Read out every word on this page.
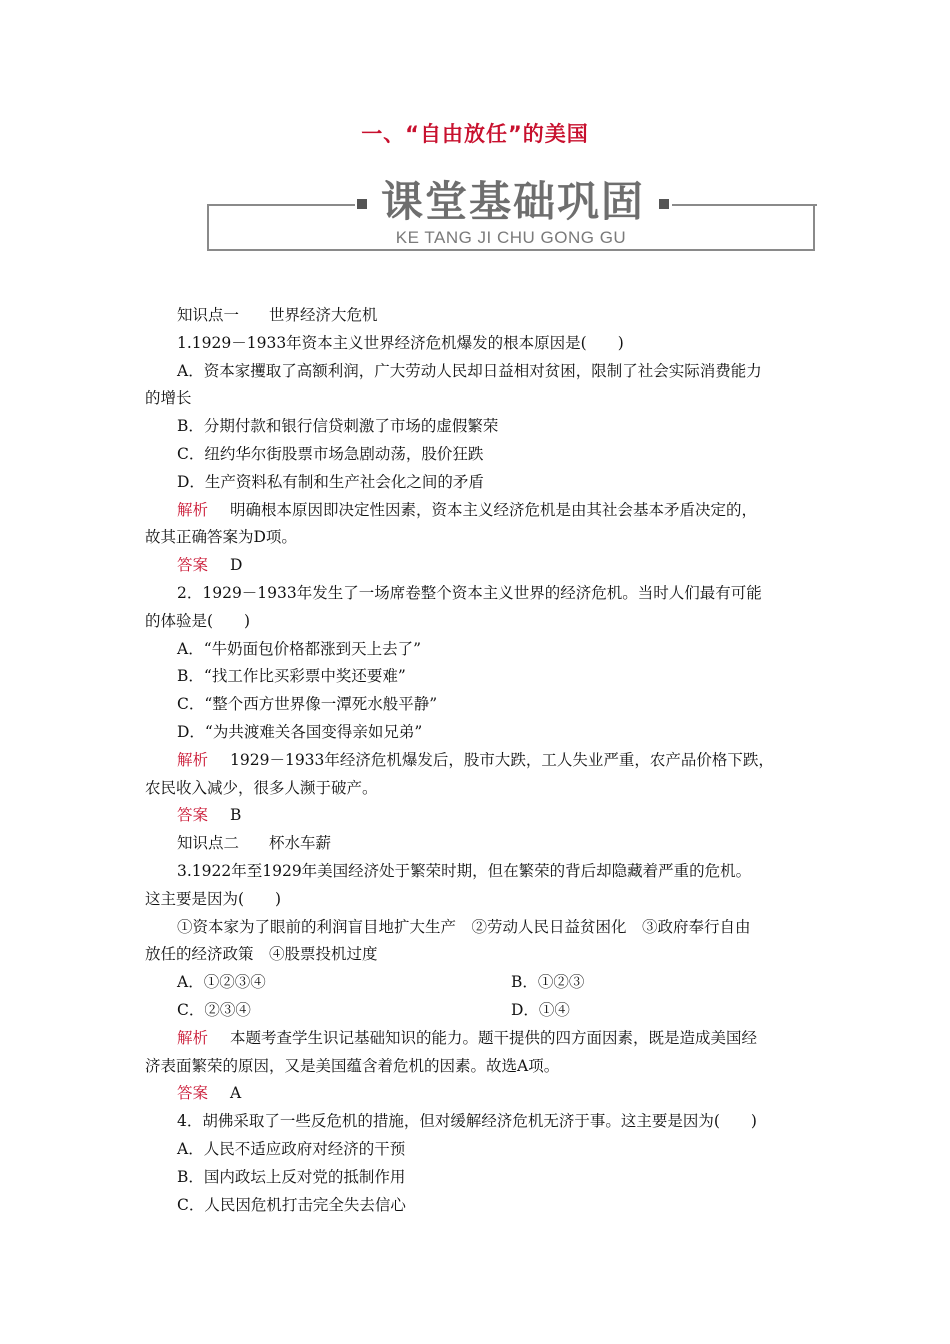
一、“自由放任”的美国
课堂基础巩固
KE TANG JI CHU GONG GU
知识点一 世界经济大危机
1.1929－1933年资本主义世界经济危机爆发的根本原因是(　　)
A．资本家攫取了高额利润，广大劳动人民却日益相对贫困，限制了社会实际消费能力
的增长
B．分期付款和银行信贷刺激了市场的虚假繁荣
C．纽约华尔街股票市场急剧动荡，股价狂跌
D．生产资料私有制和生产社会化之间的矛盾
解析 明确根本原因即决定性因素，资本主义经济危机是由其社会基本矛盾决定的，
故其正确答案为D项。
答案 D
2．1929－1933年发生了一场席卷整个资本主义世界的经济危机。当时人们最有可能
的体验是(　　)
A．“牛奶面包价格都涨到天上去了”
B．“找工作比买彩票中奖还要难”
C．“整个西方世界像一潭死水般平静”
D．“为共渡难关各国变得亲如兄弟”
解析 1929－1933年经济危机爆发后，股市大跌，工人失业严重，农产品价格下跌，
农民收入减少，很多人濒于破产。
答案 B
知识点二 杯水车薪
3.1922年至1929年美国经济处于繁荣时期，但在繁荣的背后却隐藏着严重的危机。
这主要是因为(　　)
①资本家为了眼前的利润盲目地扩大生产　②劳动人民日益贫困化　③政府奉行自由
放任的经济政策　④股票投机过度
A．①②③④	B．①②③
C．②③④	D．①④
解析 本题考查学生识记基础知识的能力。题干提供的四方面因素，既是造成美国经
济表面繁荣的原因，又是美国蕴含着危机的因素。故选A项。
答案 A
4．胡佛采取了一些反危机的措施，但对缓解经济危机无济于事。这主要是因为(　　)
A．人民不适应政府对经济的干预
B．国内政坛上反对党的抵制作用
C．人民因危机打击完全失去信心
